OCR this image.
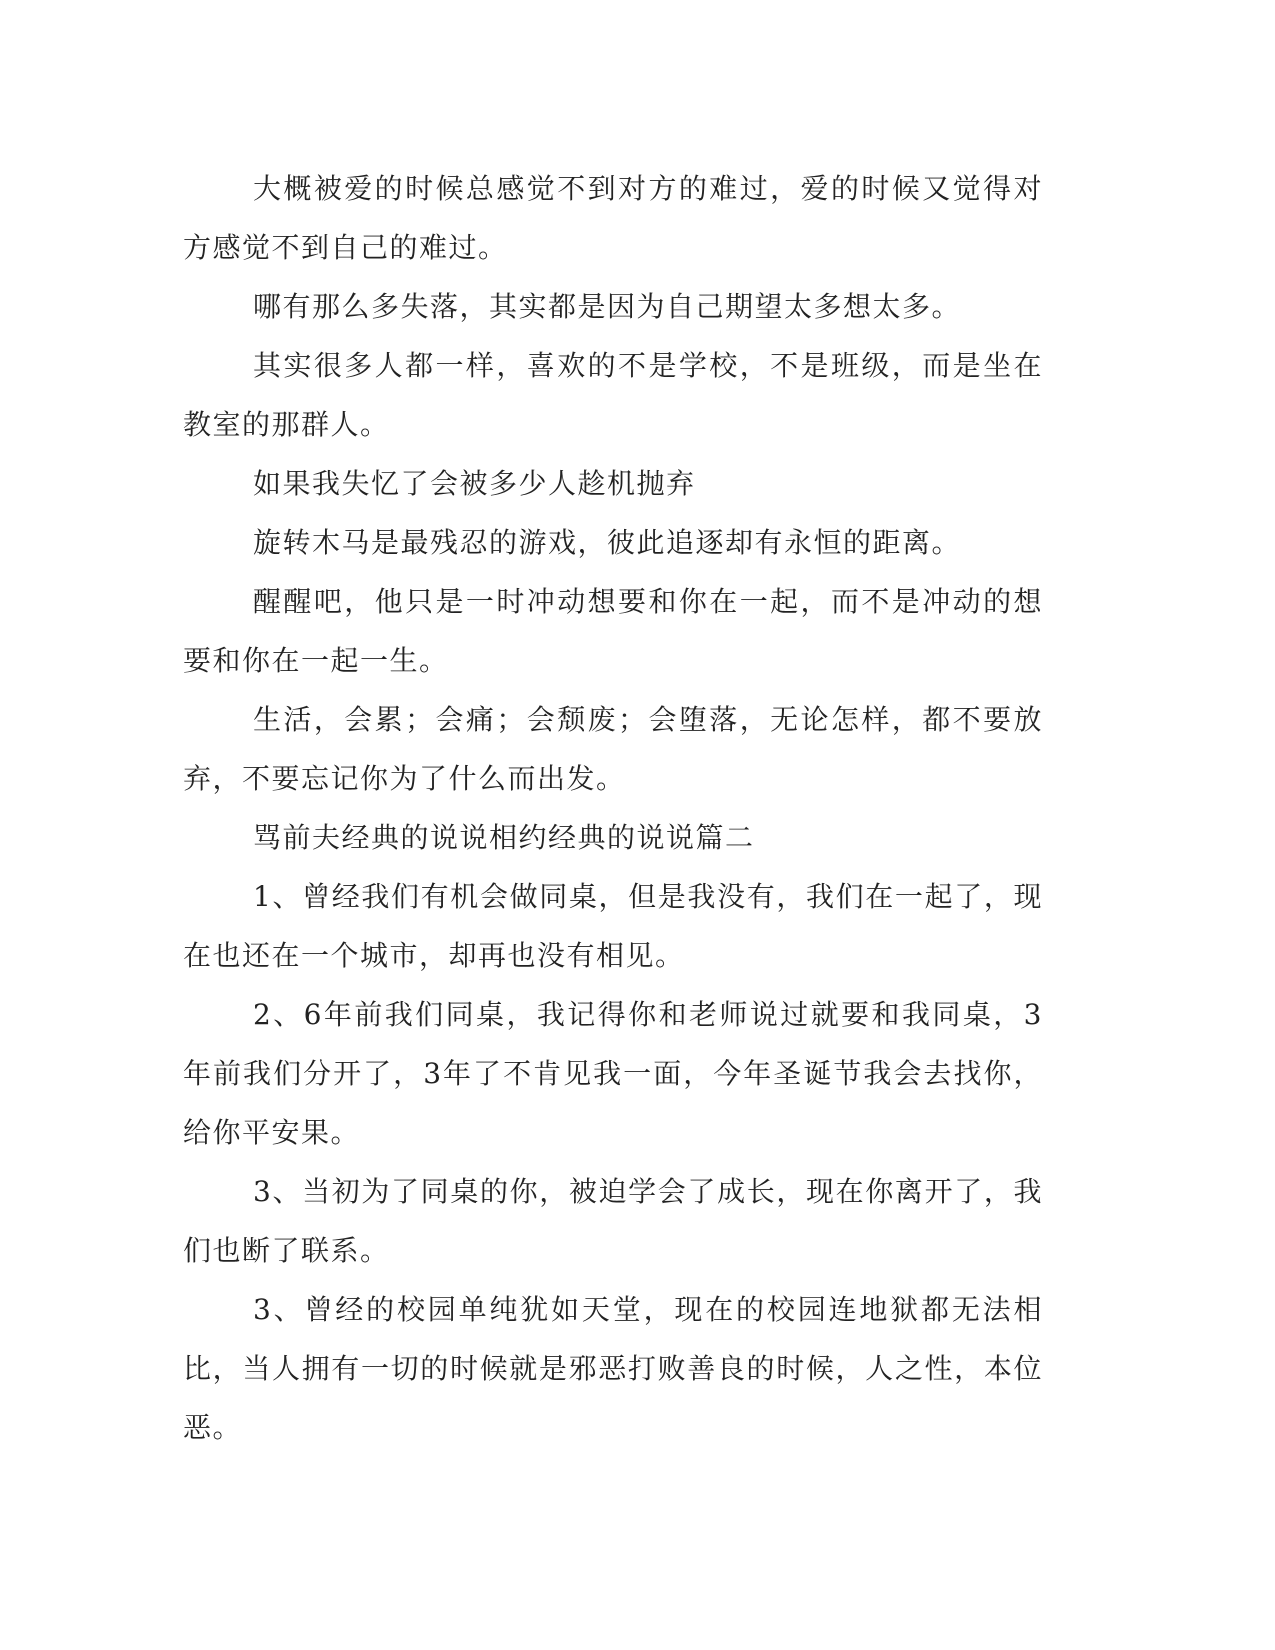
大概被爱的时候总感觉不到对方的难过，爱的时候又觉得对方感觉不到自己的难过。

哪有那么多失落，其实都是因为自己期望太多想太多。

其实很多人都一样，喜欢的不是学校，不是班级，而是坐在教室的那群人。

如果我失忆了会被多少人趁机抛弃

旋转木马是最残忍的游戏，彼此追逐却有永恒的距离。

醒醒吧，他只是一时冲动想要和你在一起，而不是冲动的想要和你在一起一生。

生活，会累；会痛；会颓废；会堕落，无论怎样，都不要放弃，不要忘记你为了什么而出发。

骂前夫经典的说说相约经典的说说篇二

1、曾经我们有机会做同桌，但是我没有，我们在一起了，现在也还在一个城市，却再也没有相见。

2、6年前我们同桌，我记得你和老师说过就要和我同桌，3年前我们分开了，3年了不肯见我一面，今年圣诞节我会去找你，给你平安果。

3、当初为了同桌的你，被迫学会了成长，现在你离开了，我们也断了联系。

3、曾经的校园单纯犹如天堂，现在的校园连地狱都无法相比，当人拥有一切的时候就是邪恶打败善良的时候，人之性，本位恶。
